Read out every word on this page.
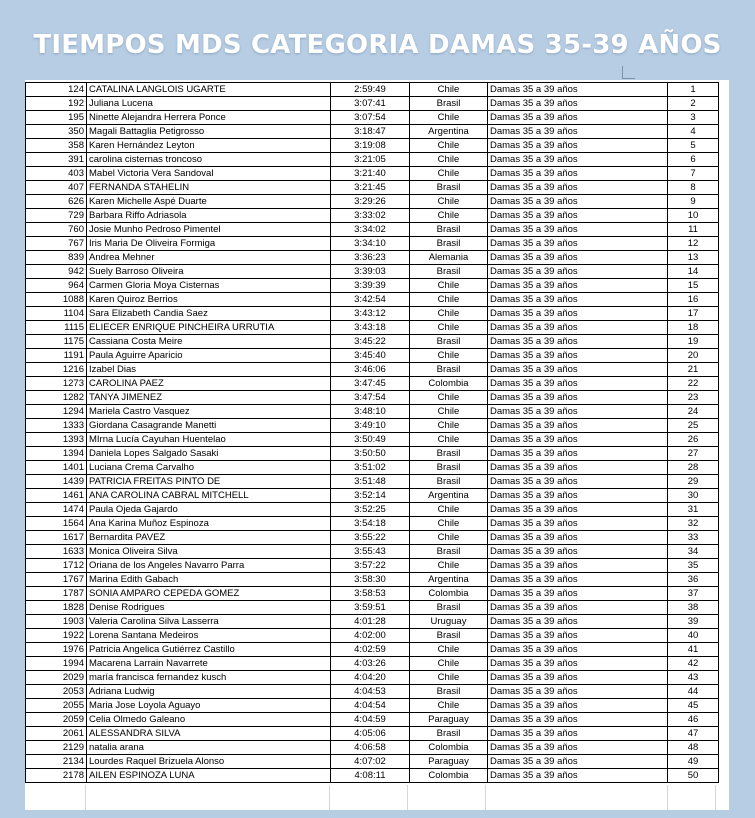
TIEMPOS MDS CATEGORIA DAMAS 35-39 AÑOS
124	CATALINA LANGLOIS UGARTE	2:59:49	Chile	Damas 35 a 39 años	1
192	Juliana Lucena	3:07:41	Brasil	Damas 35 a 39 años	2
195	Ninette Alejandra Herrera Ponce	3:07:54	Chile	Damas 35 a 39 años	3
350	Magali Battaglia Petigrosso	3:18:47	Argentina	Damas 35 a 39 años	4
358	Karen Hernández Leyton	3:19:08	Chile	Damas 35 a 39 años	5
391	carolina cisternas troncoso	3:21:05	Chile	Damas 35 a 39 años	6
403	Mabel Victoria Vera Sandoval	3:21:40	Chile	Damas 35 a 39 años	7
407	FERNANDA STAHELIN	3:21:45	Brasil	Damas 35 a 39 años	8
626	Karen Michelle Aspé Duarte	3:29:26	Chile	Damas 35 a 39 años	9
729	Barbara Riffo Adriasola	3:33:02	Chile	Damas 35 a 39 años	10
760	Josie Munho Pedroso Pimentel	3:34:02	Brasil	Damas 35 a 39 años	11
767	Iris Maria De Oliveira Formiga	3:34:10	Brasil	Damas 35 a 39 años	12
839	Andrea Mehner	3:36:23	Alemania	Damas 35 a 39 años	13
942	Suely Barroso Oliveira	3:39:03	Brasil	Damas 35 a 39 años	14
964	Carmen Gloria Moya Cisternas	3:39:39	Chile	Damas 35 a 39 años	15
1088	Karen Quiroz Berrios	3:42:54	Chile	Damas 35 a 39 años	16
1104	Sara Elizabeth Candia Saez	3:43:12	Chile	Damas 35 a 39 años	17
1115	ELIECER ENRIQUE PINCHEIRA URRUTIA	3:43:18	Chile	Damas 35 a 39 años	18
1175	Cassiana Costa Meire	3:45:22	Brasil	Damas 35 a 39 años	19
1191	Paula Aguirre Aparicio	3:45:40	Chile	Damas 35 a 39 años	20
1216	Izabel Dias	3:46:06	Brasil	Damas 35 a 39 años	21
1273	CAROLINA PAEZ	3:47:45	Colombia	Damas 35 a 39 años	22
1282	TANYA JIMENEZ	3:47:54	Chile	Damas 35 a 39 años	23
1294	Mariela Castro Vasquez	3:48:10	Chile	Damas 35 a 39 años	24
1333	Giordana Casagrande Manetti	3:49:10	Chile	Damas 35 a 39 años	25
1393	MIrna Lucía Cayuhan Huentelao	3:50:49	Chile	Damas 35 a 39 años	26
1394	Daniela Lopes Salgado Sasaki	3:50:50	Brasil	Damas 35 a 39 años	27
1401	Luciana Crema Carvalho	3:51:02	Brasil	Damas 35 a 39 años	28
1439	PATRICIA FREITAS PINTO DE	3:51:48	Brasil	Damas 35 a 39 años	29
1461	ANA CAROLINA CABRAL MITCHELL	3:52:14	Argentina	Damas 35 a 39 años	30
1474	Paula Ojeda Gajardo	3:52:25	Chile	Damas 35 a 39 años	31
1564	Ana Karina Muñoz Espinoza	3:54:18	Chile	Damas 35 a 39 años	32
1617	Bernardita PAVEZ	3:55:22	Chile	Damas 35 a 39 años	33
1633	Monica Oliveira Silva	3:55:43	Brasil	Damas 35 a 39 años	34
1712	Oriana de los Angeles Navarro Parra	3:57:22	Chile	Damas 35 a 39 años	35
1767	Marina Edith Gabach	3:58:30	Argentina	Damas 35 a 39 años	36
1787	SONIA AMPARO CEPEDA GOMEZ	3:58:53	Colombia	Damas 35 a 39 años	37
1828	Denise Rodrigues	3:59:51	Brasil	Damas 35 a 39 años	38
1903	Valeria Carolina Silva Lasserra	4:01:28	Uruguay	Damas 35 a 39 años	39
1922	Lorena Santana Medeiros	4:02:00	Brasil	Damas 35 a 39 años	40
1976	Patricia Angelica Gutiérrez Castillo	4:02:59	Chile	Damas 35 a 39 años	41
1994	Macarena Larrain Navarrete	4:03:26	Chile	Damas 35 a 39 años	42
2029	maría francisca fernandez kusch	4:04:20	Chile	Damas 35 a 39 años	43
2053	Adriana Ludwig	4:04:53	Brasil	Damas 35 a 39 años	44
2055	Maria Jose Loyola Aguayo	4:04:54	Chile	Damas 35 a 39 años	45
2059	Celia Olmedo Galeano	4:04:59	Paraguay	Damas 35 a 39 años	46
2061	ALESSANDRA SILVA	4:05:06	Brasil	Damas 35 a 39 años	47
2129	natalia arana	4:06:58	Colombia	Damas 35 a 39 años	48
2134	Lourdes Raquel Brizuela Alonso	4:07:02	Paraguay	Damas 35 a 39 años	49
2178	AILEN ESPINOZA LUNA	4:08:11	Colombia	Damas 35 a 39 años	50
